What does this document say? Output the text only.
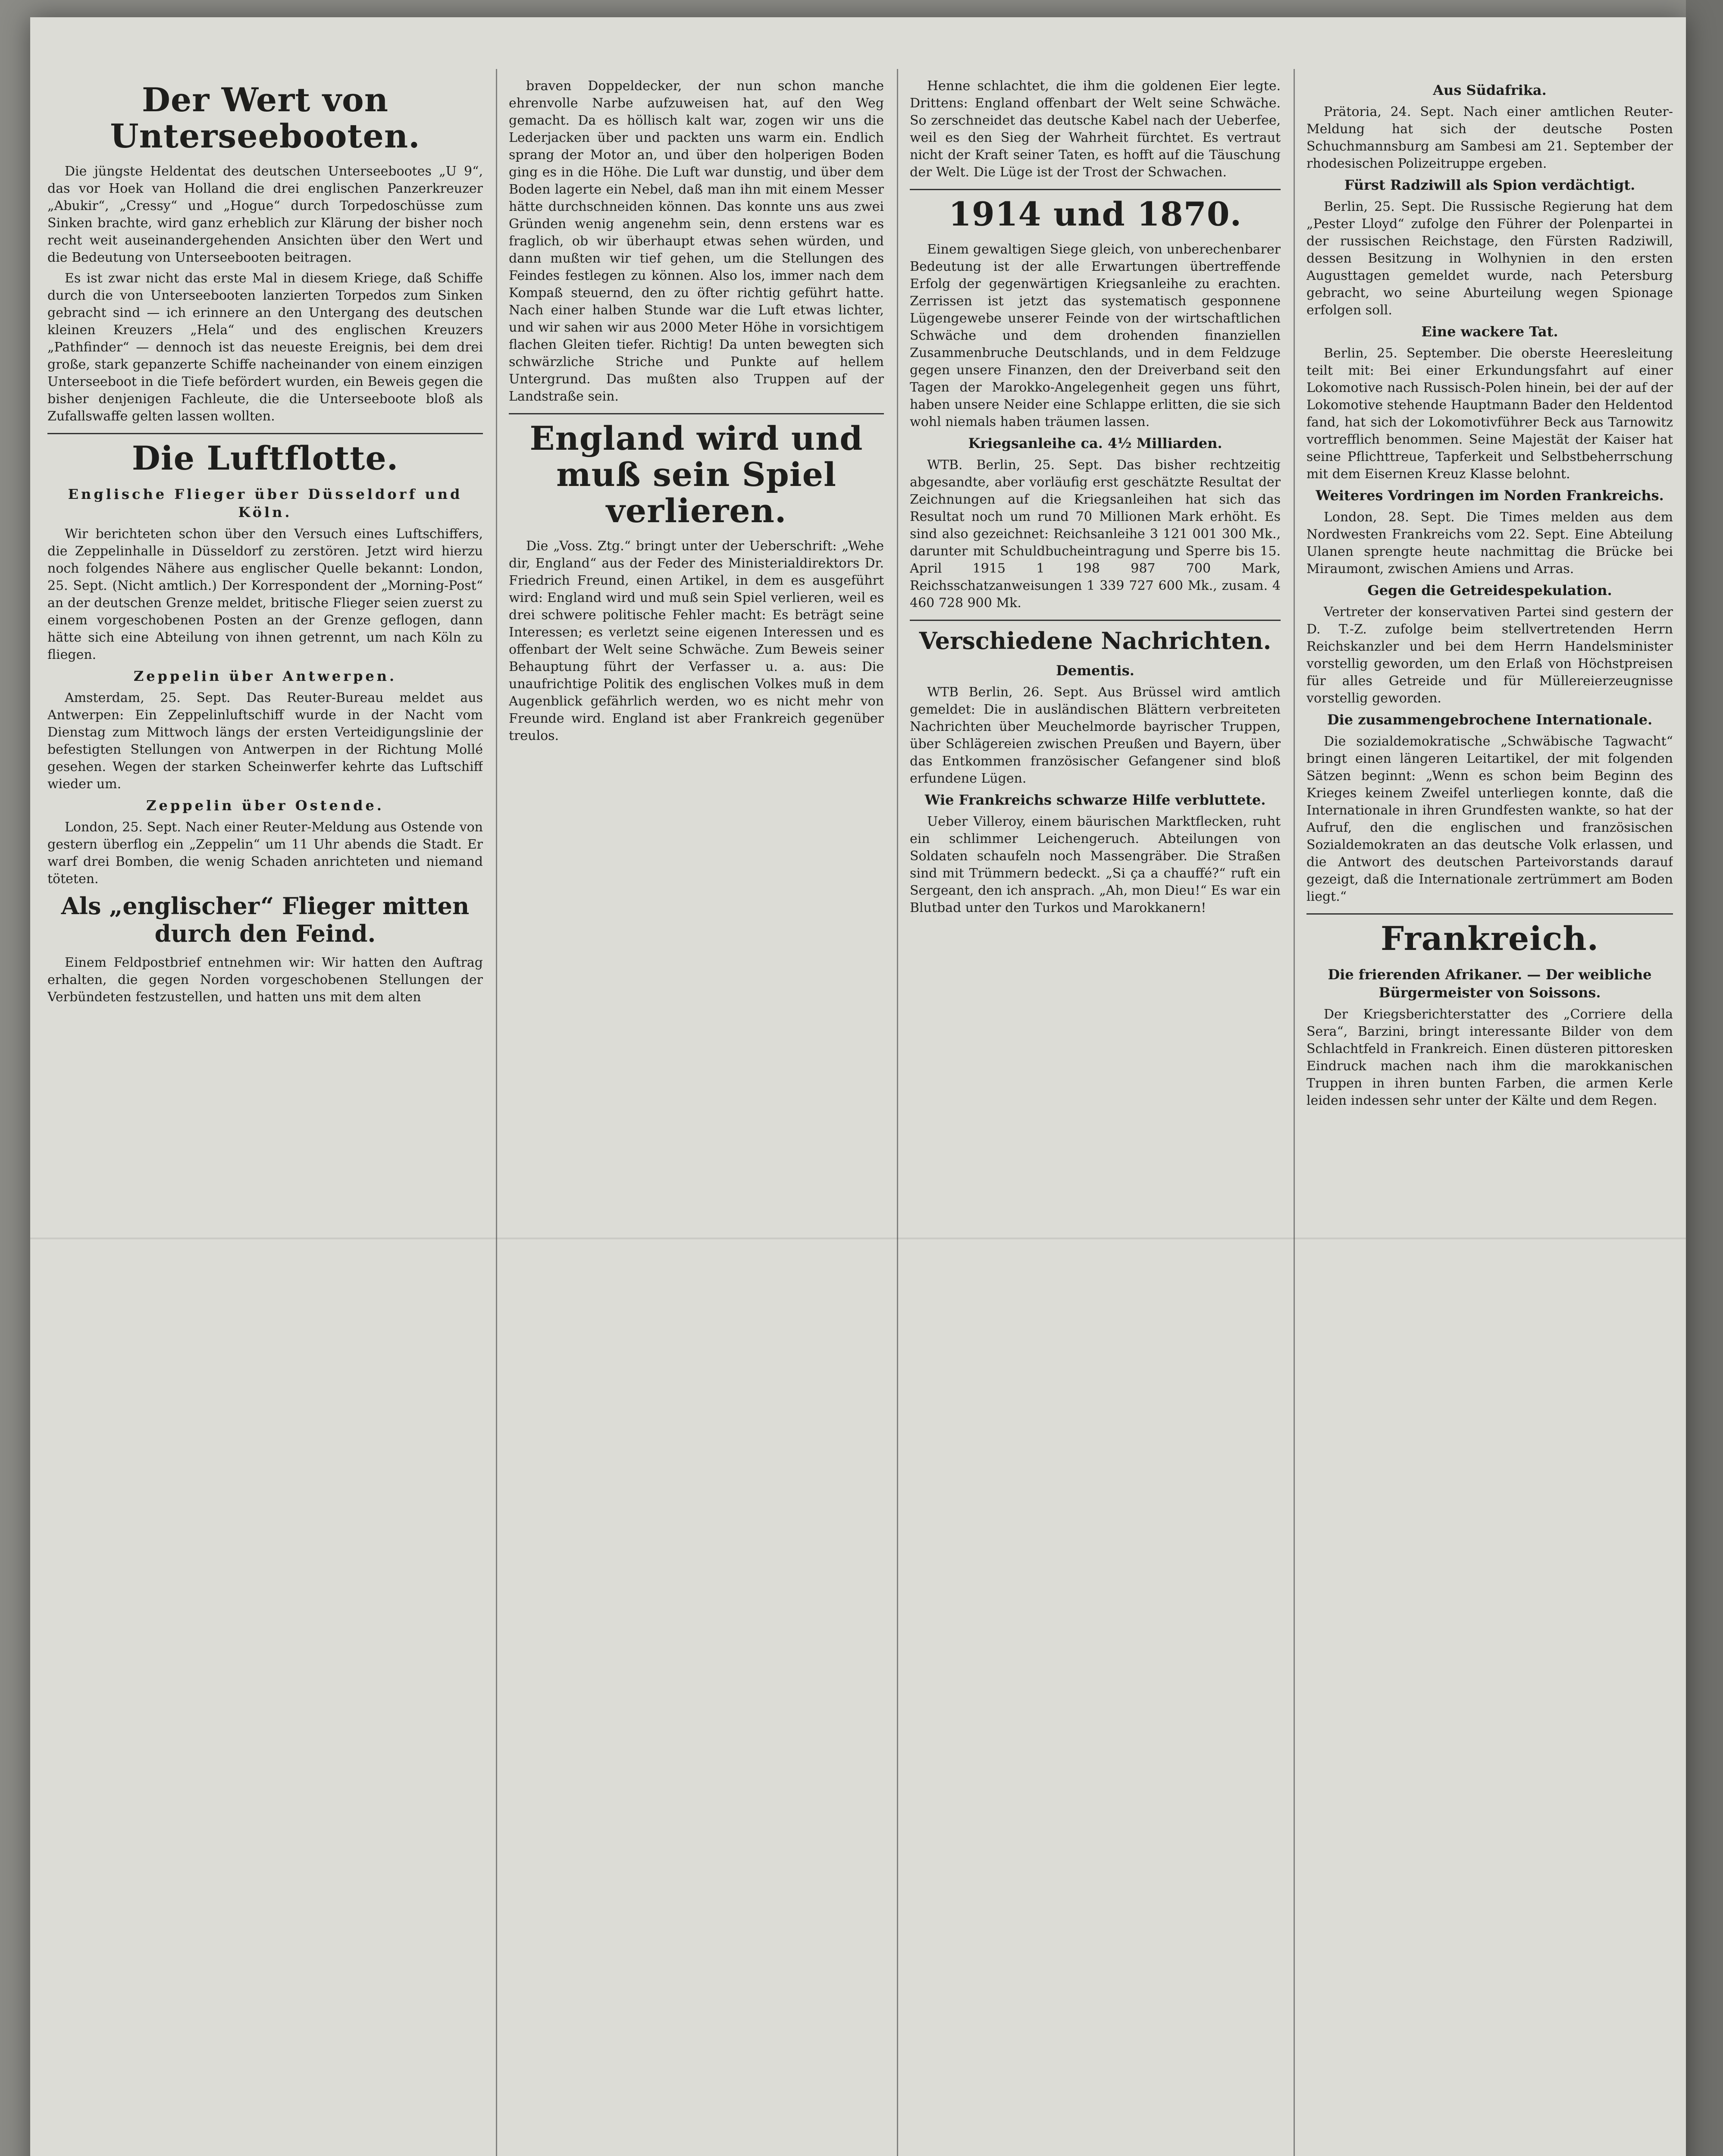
Der Wert von Unterseebooten.

Die jüngste Heldentat des deutschen Unterseebootes „U 9“, das vor Hoek van Holland die drei englischen Panzerkreuzer „Abukir“, „Cressy“ und „Hogue“ durch Torpedoschüsse zum Sinken brachte, wird ganz erheblich zur Klärung der bisher noch recht weit auseinandergehenden Ansichten über den Wert und die Bedeutung von Unterseebooten beitragen.

Es ist zwar nicht das erste Mal in diesem Kriege, daß Schiffe durch die von Unterseebooten lanzierten Torpedos zum Sinken gebracht sind — ich erinnere an den Untergang des deutschen kleinen Kreuzers „Hela“ und des englischen Kreuzers „Pathfinder“ — dennoch ist das neueste Ereignis, bei dem drei große, stark gepanzerte Schiffe nacheinander von einem einzigen Unterseeboot in die Tiefe befördert wurden, ein Beweis gegen die bisher denjenigen Fachleute, die die Unterseeboote bloß als Zufallswaffe gelten lassen wollten.

Die Luftflotte.
Englische Flieger über Düsseldorf und Köln.

Wir berichteten schon über den Versuch eines Luftschiffers, die Zeppelinhalle in Düsseldorf zu zerstören. Jetzt wird hierzu noch folgendes Nähere aus englischer Quelle bekannt: London, 25. Sept. (Nicht amtlich.) Der Korrespondent der „Morning-Post“ an der deutschen Grenze meldet, britische Flieger seien zuerst zu einem vorgeschobenen Posten an der Grenze geflogen, dann hätte sich eine Abteilung von ihnen getrennt, um nach Köln zu fliegen.

Zeppelin über Antwerpen.

Amsterdam, 25. Sept. Das Reuter-Bureau meldet aus Antwerpen: Ein Zeppelinluftschiff wurde in der Nacht vom Dienstag zum Mittwoch längs der ersten Verteidigungslinie der befestigten Stellungen von Antwerpen in der Richtung Mollé gesehen. Wegen der starken Scheinwerfer kehrte das Luftschiff wieder um.

Zeppelin über Ostende.

London, 25. Sept. Nach einer Reuter-Meldung aus Ostende von gestern überflog ein „Zeppelin“ um 11 Uhr abends die Stadt. Er warf drei Bomben, die wenig Schaden anrichteten und niemand töteten.

Als „englischer“ Flieger mitten durch den Feind.

Einem Feldpostbrief entnehmen wir: Wir hatten den Auftrag erhalten, die gegen Norden vorgeschobenen Stellungen der Verbündeten festzustellen, und hatten uns mit dem alten

braven Doppeldecker, der nun schon manche ehrenvolle Narbe aufzuweisen hat, auf den Weg gemacht. Da es höllisch kalt war, zogen wir uns die Lederjacken über und packten uns warm ein. Endlich sprang der Motor an, und über den holperigen Boden ging es in die Höhe. Die Luft war dunstig, und über dem Boden lagerte ein Nebel, daß man ihn mit einem Messer hätte durchschneiden können. Das konnte uns aus zwei Gründen wenig angenehm sein, denn erstens war es fraglich, ob wir überhaupt etwas sehen würden, und dann mußten wir tief gehen, um die Stellungen des Feindes festlegen zu können. Also los, immer nach dem Kompaß steuernd, den zu öfter richtig geführt hatte. Nach einer halben Stunde war die Luft etwas lichter, und wir sahen wir aus 2000 Meter Höhe in vorsichtigem flachen Gleiten tiefer. Richtig! Da unten bewegten sich schwärzliche Striche und Punkte auf hellem Untergrund. Das mußten also Truppen auf der Landstraße sein.

England wird und muß sein Spiel verlieren.

Die „Voss. Ztg.“ bringt unter der Ueberschrift: „Wehe dir, England“ aus der Feder des Ministerialdirektors Dr. Friedrich Freund, einen Artikel, in dem es ausgeführt wird: England wird und muß sein Spiel verlieren, weil es drei schwere politische Fehler macht: Es beträgt seine Interessen; es verletzt seine eigenen Interessen und es offenbart der Welt seine Schwäche. Zum Beweis seiner Behauptung führt der Verfasser u. a. aus: Die unaufrichtige Politik des englischen Volkes muß in dem Augenblick gefährlich werden, wo es nicht mehr von Freunde wird. England ist aber Frankreich gegenüber treulos.

Henne schlachtet, die ihm die goldenen Eier legte. Drittens: England offenbart der Welt seine Schwäche. So zerschneidet das deutsche Kabel nach der Ueberfee, weil es den Sieg der Wahrheit fürchtet. Es vertraut nicht der Kraft seiner Taten, es hofft auf die Täuschung der Welt. Die Lüge ist der Trost der Schwachen.

1914 und 1870.

Einem gewaltigen Siege gleich, von unberechenbarer Bedeutung ist der alle Erwartungen übertreffende Erfolg der gegenwärtigen Kriegsanleihe zu erachten. Zerrissen ist jetzt das systematisch gesponnene Lügengewebe unserer Feinde von der wirtschaftlichen Schwäche und dem drohenden finanziellen Zusammenbruche Deutschlands, und in dem Feldzuge gegen unsere Finanzen, den der Dreiverband seit den Tagen der Marokko-Angelegenheit gegen uns führt, haben unsere Neider eine Schlappe erlitten, die sie sich wohl niemals haben träumen lassen.

Kriegsanleihe ca. 4½ Milliarden.

WTB. Berlin, 25. Sept. Das bisher rechtzeitig abgesandte, aber vorläufig erst geschätzte Resultat der Zeichnungen auf die Kriegsanleihen hat sich das Resultat noch um rund 70 Millionen Mark erhöht. Es sind also gezeichnet: Reichsanleihe 3 121 001 300 Mk., darunter mit Schuldbucheintragung und Sperre bis 15. April 1915 1 198 987 700 Mark, Reichsschatzanweisungen 1 339 727 600 Mk., zusam. 4 460 728 900 Mk.

Verschiedene Nachrichten.
Dementis.

WTB Berlin, 26. Sept. Aus Brüssel wird amtlich gemeldet: Die in ausländischen Blättern verbreiteten Nachrichten über Meuchelmorde bayrischer Truppen, über Schlägereien zwischen Preußen und Bayern, über das Entkommen französischer Gefangener sind bloß erfundene Lügen.

Wie Frankreichs schwarze Hilfe verbluttete.

Ueber Villeroy, einem bäurischen Marktflecken, ruht ein schlimmer Leichengeruch. Abteilungen von Soldaten schaufeln noch Massengräber. Die Straßen sind mit Trümmern bedeckt. „Si ça a chauffé?“ ruft ein Sergeant, den ich ansprach. „Ah, mon Dieu!“ Es war ein Blutbad unter den Turkos und Marokkanern!

Aus Südafrika.

Prätoria, 24. Sept. Nach einer amtlichen Reuter-Meldung hat sich der deutsche Posten Schuchmannsburg am Sambesi am 21. September der rhodesischen Polizeitruppe ergeben.

Fürst Radziwill als Spion verdächtigt.

Berlin, 25. Sept. Die Russische Regierung hat dem „Pester Lloyd“ zufolge den Führer der Polenpartei in der russischen Reichstage, den Fürsten Radziwill, dessen Besitzung in Wolhynien in den ersten Augusttagen gemeldet wurde, nach Petersburg gebracht, wo seine Aburteilung wegen Spionage erfolgen soll.

Eine wackere Tat.

Berlin, 25. September. Die oberste Heeresleitung teilt mit: Bei einer Erkundungsfahrt auf einer Lokomotive nach Russisch-Polen hinein, bei der auf der Lokomotive stehende Hauptmann Bader den Heldentod fand, hat sich der Lokomotivführer Beck aus Tarnowitz vortrefflich benommen. Seine Majestät der Kaiser hat seine Pflichttreue, Tapferkeit und Selbstbeherrschung mit dem Eisernen Kreuz Klasse belohnt.

Weiteres Vordringen im Norden Frankreichs.

London, 28. Sept. Die Times melden aus dem Nordwesten Frankreichs vom 22. Sept. Eine Abteilung Ulanen sprengte heute nachmittag die Brücke bei Miraumont, zwischen Amiens und Arras.

Gegen die Getreidespekulation.

Vertreter der konservativen Partei sind gestern der D. T.-Z. zufolge beim stellvertretenden Herrn Reichskanzler und bei dem Herrn Handelsminister vorstellig geworden, um den Erlaß von Höchstpreisen für alles Getreide und für Müllereierzeugnisse vorstellig geworden.

Die zusammengebrochene Internationale.

Die sozialdemokratische „Schwäbische Tagwacht“ bringt einen längeren Leitartikel, der mit folgenden Sätzen beginnt: „Wenn es schon beim Beginn des Krieges keinem Zweifel unterliegen konnte, daß die Internationale in ihren Grundfesten wankte, so hat der Aufruf, den die englischen und französischen Sozialdemokraten an das deutsche Volk erlassen, und die Antwort des deutschen Parteivorstands darauf gezeigt, daß die Internationale zertrümmert am Boden liegt.“

Frankreich.
Die frierenden Afrikaner. — Der weibliche Bürgermeister von Soissons.

Der Kriegsberichterstatter des „Corriere della Sera“, Barzini, bringt interessante Bilder von dem Schlachtfeld in Frankreich. Einen düsteren pittoresken Eindruck machen nach ihm die marokkanischen Truppen in ihren bunten Farben, die armen Kerle leiden indessen sehr unter der Kälte und dem Regen.
